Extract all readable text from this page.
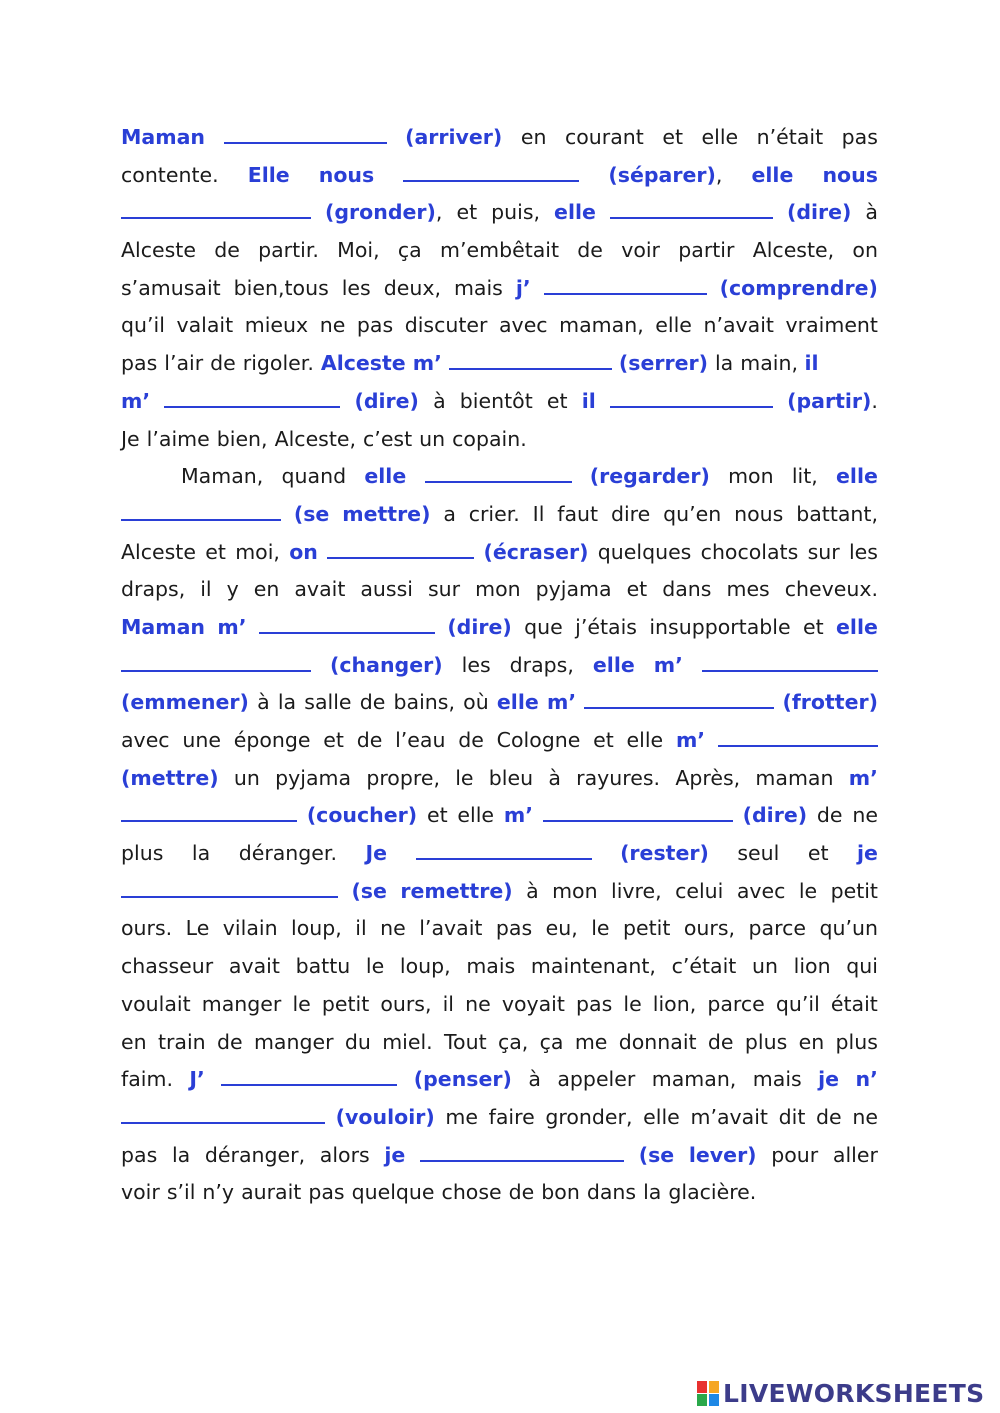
Maman	(arriver) en courant et elle n’était pas
contente. Elle nous	(séparer), elle nous
(gronder), et puis, elle	(dire) à
Alceste de partir. Moi, ça m’embêtait de voir partir Alceste, on
s’amusait bien,tous les deux, mais j’	(comprendre)
qu’il valait mieux ne pas discuter avec maman, elle n’avait vraiment
pas l’air de rigoler. Alceste m’	(serrer) la main, il
m’	(dire) à bientôt et il	(partir).
Je l’aime bien, Alceste, c’est un copain.
Maman, quand elle	(regarder) mon lit, elle
(se mettre) a crier. Il faut dire qu’en nous battant,
Alceste et moi, on	(écraser) quelques chocolats sur les
draps, il y en avait aussi sur mon pyjama et dans mes cheveux.
Maman m’	(dire) que j’étais insupportable et elle
(changer) les draps, elle m’
(emmener) à la salle de bains, où elle m’	(frotter)
avec une éponge et de l’eau de Cologne et elle m’
(mettre) un pyjama propre, le bleu à rayures. Après, maman m’
(coucher) et elle m’	(dire) de ne
plus la déranger. Je	(rester) seul et je
(se remettre) à mon livre, celui avec le petit
ours. Le vilain loup, il ne l’avait pas eu, le petit ours, parce qu’un
chasseur avait battu le loup, mais maintenant, c’était un lion qui
voulait manger le petit ours, il ne voyait pas le lion, parce qu’il était
en train de manger du miel. Tout ça, ça me donnait de plus en plus
faim. J’	(penser) à appeler maman, mais je n’
(vouloir) me faire gronder, elle m’avait dit de ne
pas la déranger, alors je	(se lever) pour aller
voir s’il n’y aurait pas quelque chose de bon dans la glacière.
LIVEWORKSHEETS
